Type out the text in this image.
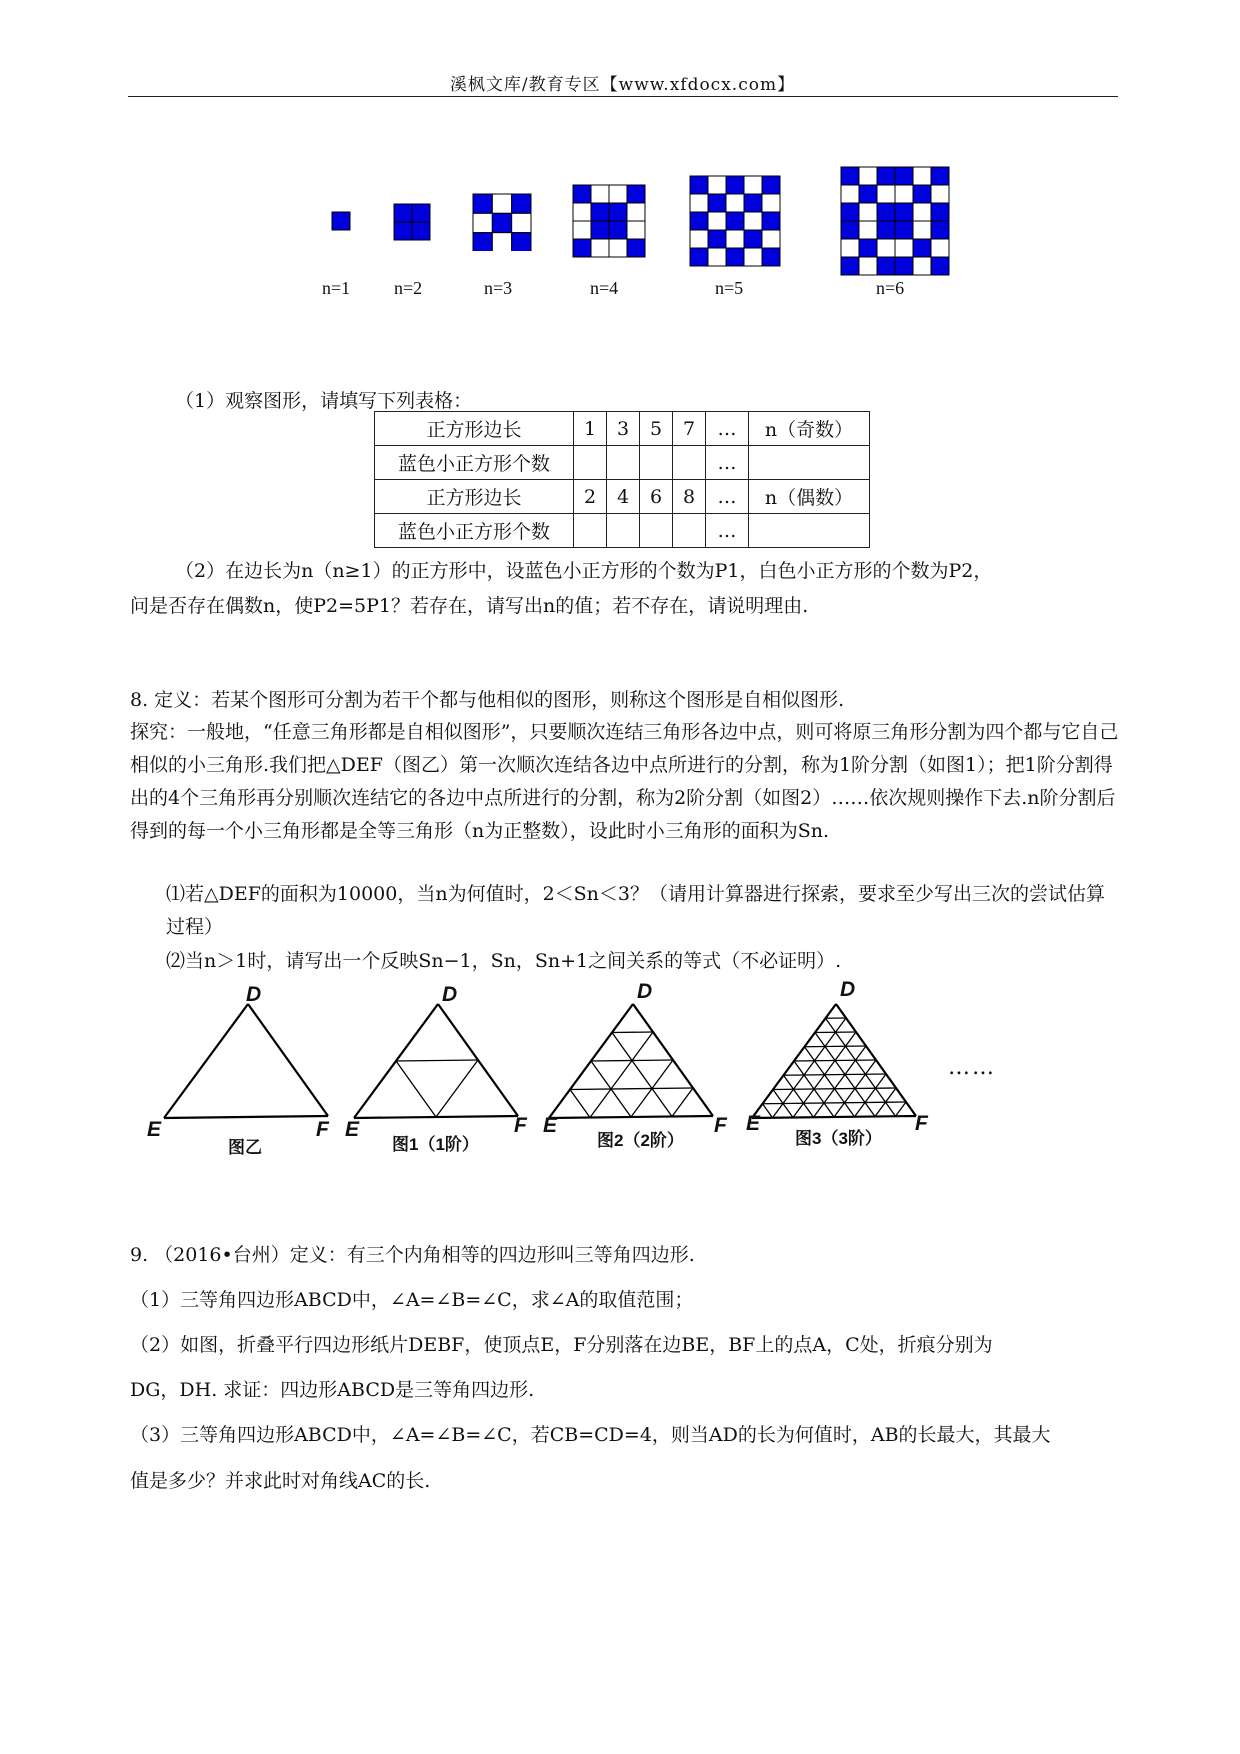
溪枫文库/教育专区【www.xfdocx.com】
n=1 n=2	n=3	n=4	n=5	n=6
（1）观察图形，请填写下列表格：
正方形边长	1	3	5	7	…	n（奇数）
蓝色小正方形个数					…	
正方形边长	2	4	6	8	…	n（偶数）
蓝色小正方形个数					…	
（2）在边长为n（n≥1）的正方形中，设蓝色小正方形的个数为P1，白色小正方形的个数为P2，
问是否存在偶数n，使P2=5P1？若存在，请写出n的值；若不存在，请说明理由.
8. 定义：若某个图形可分割为若干个都与他相似的图形，则称这个图形是自相似图形.
探究：一般地，“任意三角形都是自相似图形”，只要顺次连结三角形各边中点，则可将原三角形分割为四个都与它自己相似的小三角形.我们把△DEF（图乙）第一次顺次连结各边中点所进行的分割，称为1阶分割（如图1）；把1阶分割得出的4个三角形再分别顺次连结它的各边中点所进行的分割，称为2阶分割（如图2）……依次规则操作下去.n阶分割后得到的每一个小三角形都是全等三角形（n为正整数），设此时小三角形的面积为Sn.
⑴若△DEF的面积为10000，当n为何值时，2＜Sn＜3？（请用计算器进行探索，要求至少写出三次的尝试估算过程）
⑵当n＞1时，请写出一个反映Sn−1，Sn，Sn+1之间关系的等式（不必证明）.
D
E	F
D
E	F
D
E	F
D
E	F
图乙	图1（1阶）	图2（2阶）	图3（3阶）
……
9. （2016•台州）定义：有三个内角相等的四边形叫三等角四边形.
（1）三等角四边形ABCD中，∠A=∠B=∠C，求∠A的取值范围；
（2）如图，折叠平行四边形纸片DEBF，使顶点E，F分别落在边BE，BF上的点A，C处，折痕分别为
DG，DH. 求证：四边形ABCD是三等角四边形.
（3）三等角四边形ABCD中，∠A=∠B=∠C，若CB=CD=4，则当AD的长为何值时，AB的长最大，其最大
值是多少？并求此时对角线AC的长.
